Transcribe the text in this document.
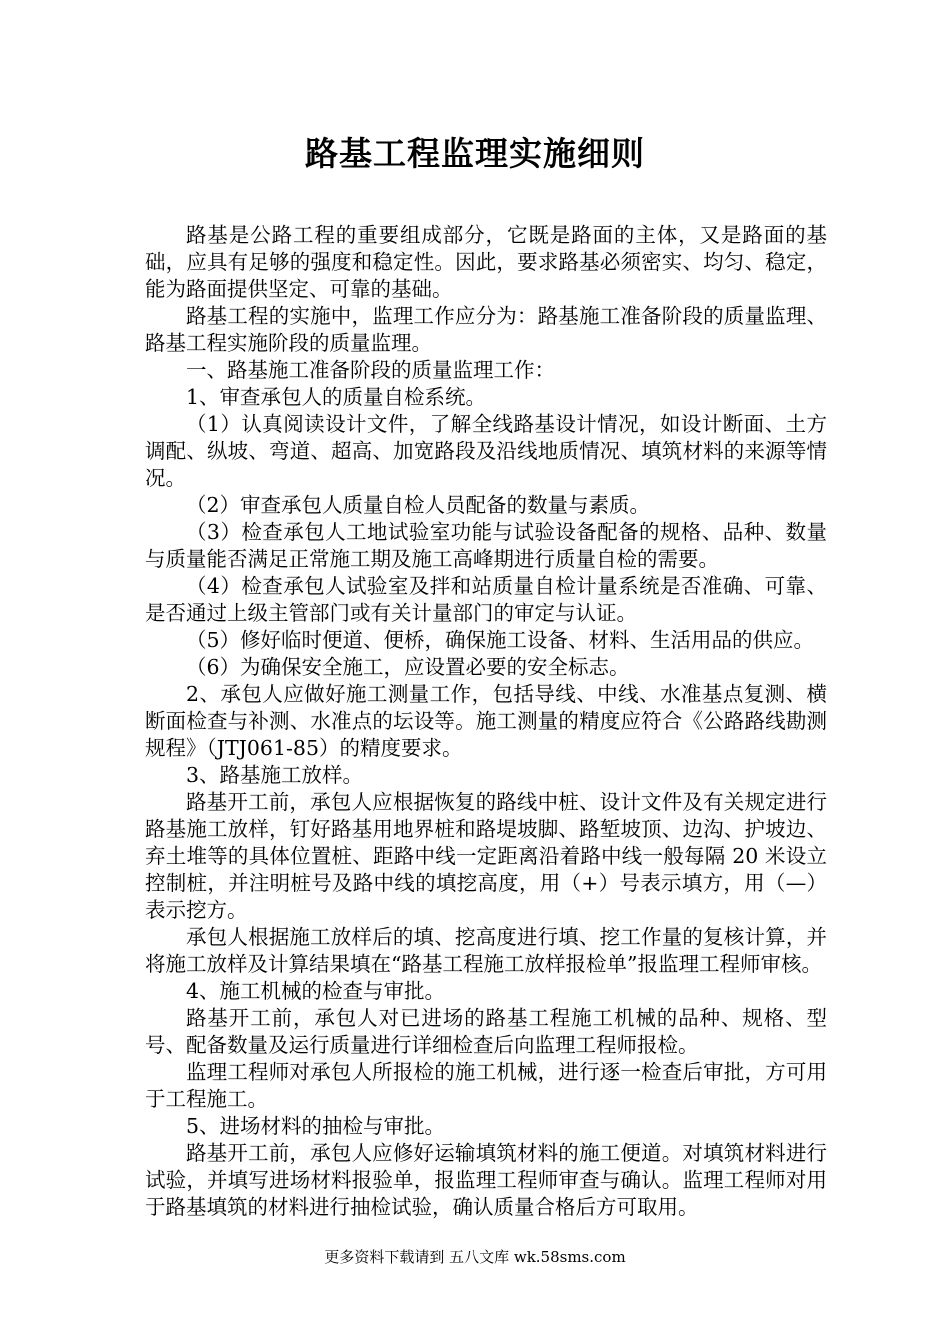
路基工程监理实施细则

路基是公路工程的重要组成部分，它既是路面的主体，又是路面的基础，应具有足够的强度和稳定性。因此，要求路基必须密实、均匀、稳定，能为路面提供坚定、可靠的基础。

路基工程的实施中，监理工作应分为：路基施工准备阶段的质量监理、路基工程实施阶段的质量监理。

一、路基施工准备阶段的质量监理工作：

1、审查承包人的质量自检系统。

（1）认真阅读设计文件，了解全线路基设计情况，如设计断面、土方调配、纵坡、弯道、超高、加宽路段及沿线地质情况、填筑材料的来源等情况。

（2）审查承包人质量自检人员配备的数量与素质。

（3）检查承包人工地试验室功能与试验设备配备的规格、品种、数量与质量能否满足正常施工期及施工高峰期进行质量自检的需要。

（4）检查承包人试验室及拌和站质量自检计量系统是否准确、可靠、是否通过上级主管部门或有关计量部门的审定与认证。

（5）修好临时便道、便桥，确保施工设备、材料、生活用品的供应。

（6）为确保安全施工，应设置必要的安全标志。

2、承包人应做好施工测量工作，包括导线、中线、水准基点复测、横断面检查与补测、水准点的坛设等。施工测量的精度应符合《公路路线勘测规程》（JTJ061-85）的精度要求。

3、路基施工放样。

路基开工前，承包人应根据恢复的路线中桩、设计文件及有关规定进行路基施工放样，钉好路基用地界桩和路堤坡脚、路堑坡顶、边沟、护坡边、弃土堆等的具体位置桩、距路中线一定距离沿着路中线一般每隔 20 米设立控制桩，并注明桩号及路中线的填挖高度，用（+）号表示填方，用（—）表示挖方。

承包人根据施工放样后的填、挖高度进行填、挖工作量的复核计算，并将施工放样及计算结果填在“路基工程施工放样报检单”报监理工程师审核。

4、施工机械的检查与审批。

路基开工前，承包人对已进场的路基工程施工机械的品种、规格、型号、配备数量及运行质量进行详细检查后向监理工程师报检。

监理工程师对承包人所报检的施工机械，进行逐一检查后审批，方可用于工程施工。

5、进场材料的抽检与审批。

路基开工前，承包人应修好运输填筑材料的施工便道。对填筑材料进行试验，并填写进场材料报验单，报监理工程师审查与确认。监理工程师对用于路基填筑的材料进行抽检试验，确认质量合格后方可取用。

更多资料下载请到 五八文库 wk.58sms.com
